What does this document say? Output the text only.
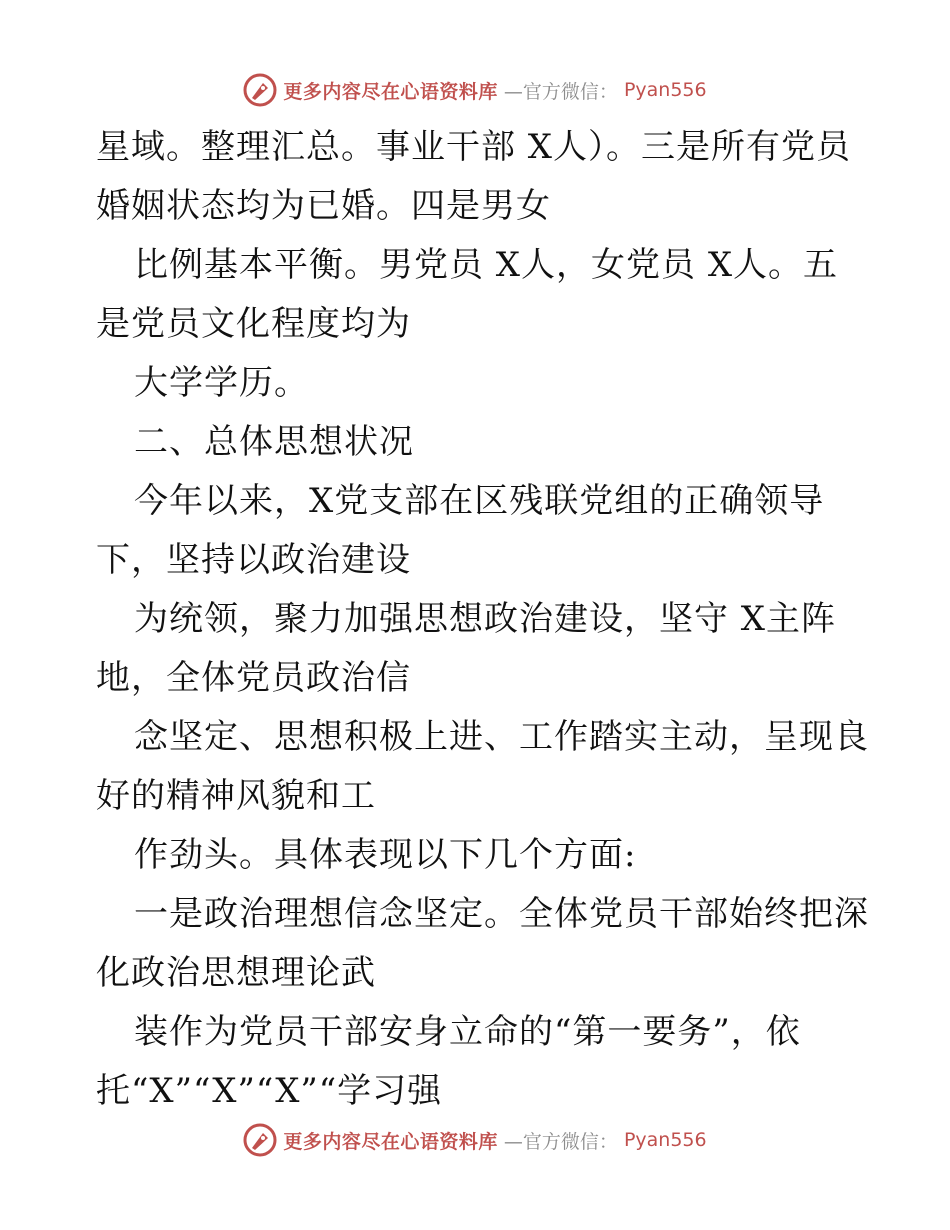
更多内容尽在心语资料库 —官方微信： Pyan556
星域。整理汇总。事业干部 X人）。三是所有党员
婚姻状态均为已婚。四是男女
比例基本平衡。男党员 X人，女党员 X人。五
是党员文化程度均为
大学学历。
二、总体思想状况
今年以来，X党支部在区残联党组的正确领导
下，坚持以政治建设
为统领，聚力加强思想政治建设，坚守 X主阵
地，全体党员政治信
念坚定、思想积极上进、工作踏实主动，呈现良
好的精神风貌和工
作劲头。具体表现以下几个方面:
一是政治理想信念坚定。全体党员干部始终把深
化政治思想理论武
装作为党员干部安身立命的“第一要务”，依
托“X”“X”“X”“学习强
更多内容尽在心语资料库 —官方微信： Pyan556
